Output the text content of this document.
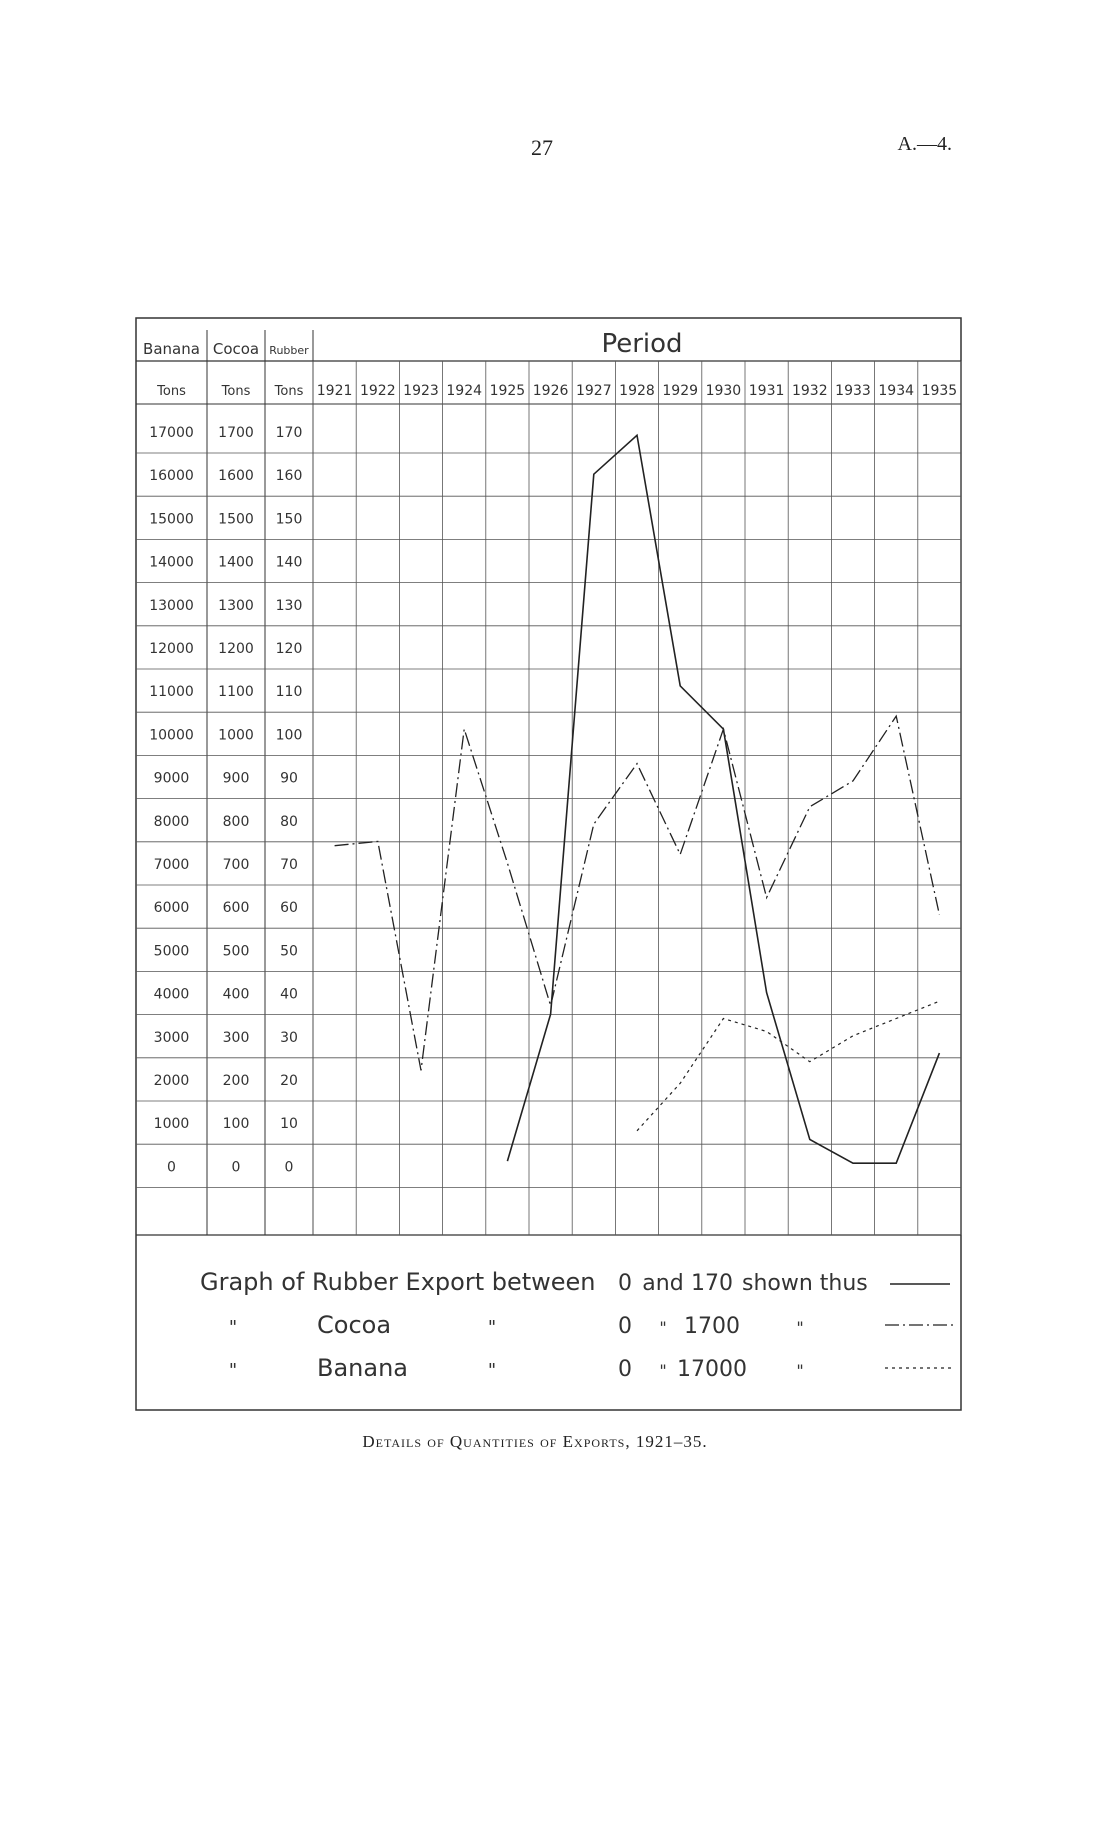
27	A.—4.
Period
Banana
Tons
17000
16000
15000
14000
13000
12000
11000
10000
9000
8000
7000
6000
5000
4000
3000
2000
1000
0
Cocoa
Tons
1700
1600
1500
1400
1300
1200
1100
1000
900
800
700
600
500
400
300
200
100
0
Rubber
Tons
170
160
150
140
130
120
110
100
90
80
70
60
50
40
30
20
10
0
1921 1922 1923 1924 1925 1926 1927 1928 1929 1930 1931 1932 1933 1934 1935
Graph of Rubber Export between 0 and 170 shown thus
"	Cocoa	"	0 " 1700	"
"	Banana	"	0 " 17000	"
Details of Quantities of Exports, 1921–35.
